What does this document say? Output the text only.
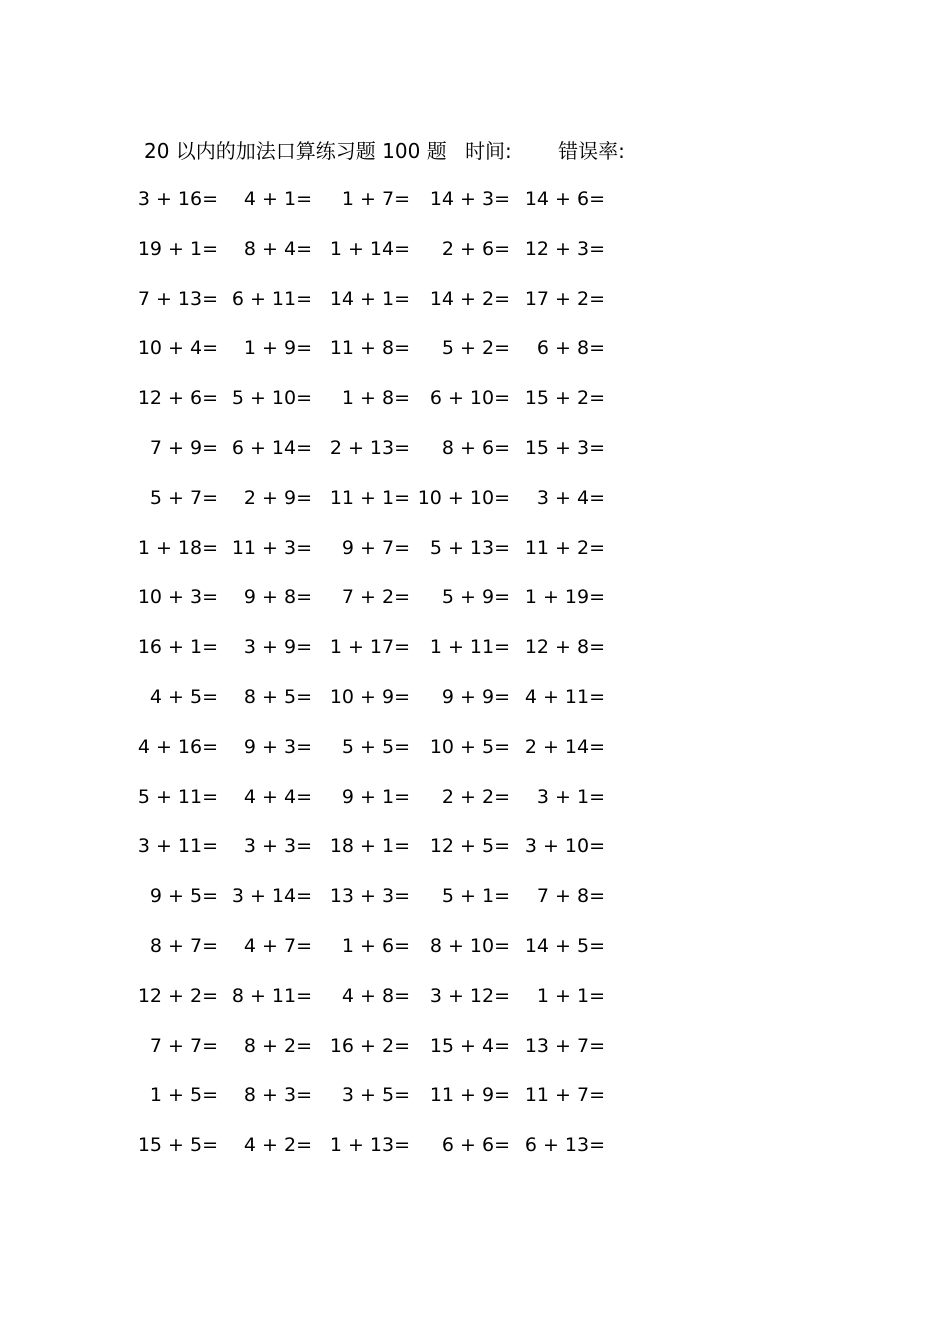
20 以内的加法口算练习题 100 题 时间: 错误率:
3 + 16= 4 + 1= 1 + 7= 14 + 3= 14 + 6=
19 + 1= 8 + 4= 1 + 14= 2 + 6= 12 + 3=
7 + 13= 6 + 11= 14 + 1= 14 + 2= 17 + 2=
10 + 4= 1 + 9= 11 + 8= 5 + 2= 6 + 8=
12 + 6= 5 + 10= 1 + 8= 6 + 10= 15 + 2=
7 + 9= 6 + 14= 2 + 13= 8 + 6= 15 + 3=
5 + 7= 2 + 9= 11 + 1= 10 + 10= 3 + 4=
1 + 18= 11 + 3= 9 + 7= 5 + 13= 11 + 2=
10 + 3= 9 + 8= 7 + 2= 5 + 9= 1 + 19=
16 + 1= 3 + 9= 1 + 17= 1 + 11= 12 + 8=
4 + 5= 8 + 5= 10 + 9= 9 + 9= 4 + 11=
4 + 16= 9 + 3= 5 + 5= 10 + 5= 2 + 14=
5 + 11= 4 + 4= 9 + 1= 2 + 2= 3 + 1=
3 + 11= 3 + 3= 18 + 1= 12 + 5= 3 + 10=
9 + 5= 3 + 14= 13 + 3= 5 + 1= 7 + 8=
8 + 7= 4 + 7= 1 + 6= 8 + 10= 14 + 5=
12 + 2= 8 + 11= 4 + 8= 3 + 12= 1 + 1=
7 + 7= 8 + 2= 16 + 2= 15 + 4= 13 + 7=
1 + 5= 8 + 3= 3 + 5= 11 + 9= 11 + 7=
15 + 5= 4 + 2= 1 + 13= 6 + 6= 6 + 13=
